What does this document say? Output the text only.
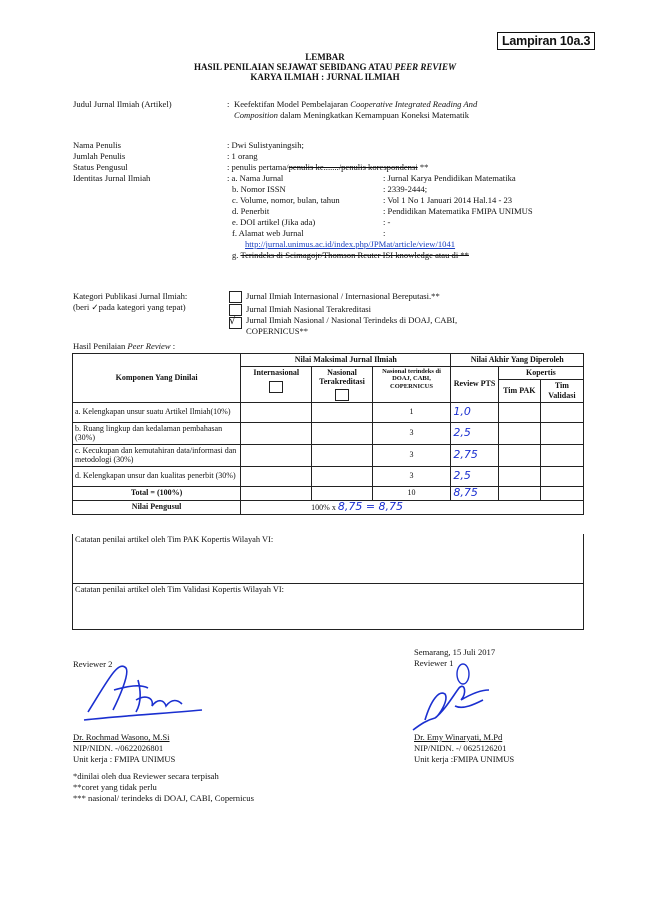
Lampiran 10a.3
LEMBAR
HASIL PENILAIAN SEJAWAT SEBIDANG ATAU PEER REVIEW
KARYA ILMIAH : JURNAL ILMIAH
Judul Jurnal Ilmiah (Artikel)	: Keefektifan Model Pembelajaran Cooperative Integrated Reading And
Composition dalam Meningkatkan Kemampuan Koneksi Matematik
Nama Penulis	: Dwi Sulistyaningsih;
Jumlah Penulis	: 1 orang
Status Pengusul	: penulis pertama/penulis ke......./penulis korespondensi **
Identitas Jurnal Ilmiah	: a. Nama Jurnal	: Jurnal Karya Pendidikan Matematika
b. Nomor ISSN	: 2339-2444;
c. Volume, nomor, bulan, tahun	: Vol 1 No 1 Januari 2014 Hal.14 - 23
d. Penerbit	: Pendidikan Matematika FMIPA UNIMUS
e. DOI artikel (Jika ada)	: -
f. Alamat web Jurnal	:
http://jurnal.unimus.ac.id/index.php/JPMat/article/view/1041
g. Terindeks di Scimagojr/Thomson Reuter ISI knowledge atau di **
Kategori Publikasi Jurnal Ilmiah:
(beri ✓pada kategori yang tepat)
Jurnal Ilmiah Internasional / Internasional Bereputasi.**
Jurnal Ilmiah Nasional Terakreditasi
√ Jurnal Ilmiah Nasional / Nasional Terindeks di DOAJ, CABI,
COPERNICUS**
Hasil Penilaian Peer Review :
Komponen Yang Dinilai	Nilai Maksimal Jurnal Ilmiah			Nilai Akhir Yang Diperoleh		

	Internasional	Nasional Terakreditasi	Nasional terindeks di DOAJ, CABI, COPERNICUS	Review PTS	Kopertis	
					Tim PAK	Tim Validasi
a. Kelengkapan unsur suatu Artikel Ilmiah(10%)			1	1,0		
b. Ruang lingkup dan kedalaman pembahasan (30%)			3	2,5		
c. Kecukupan dan kemutahiran data/informasi dan metodologi (30%)			3	2,75		
d. Kelengkapan unsur dan kualitas penerbit (30%)			3	2,5		
Total = (100%)			10	8,75		
Nilai Pengusul	100% x 8,75 = 8,75					
Catatan penilai artikel oleh Tim PAK Kopertis Wilayah VI:
Catatan penilai artikel oleh Tim Validasi Kopertis Wilayah VI:
Reviewer 2
Dr. Rochmad Wasono, M.Si
NIP/NIDN. -/0622026801
Unit kerja : FMIPA UNIMUS
Semarang, 15 Juli 2017
Reviewer 1
Dr. Emy Winaryati, M.Pd
NIP/NIDN. -/ 0625126201
Unit kerja :FMIPA UNIMUS
*dinilai oleh dua Reviewer secara terpisah
**coret yang tidak perlu
*** nasional/ terindeks di DOAJ, CABI, Copernicus
